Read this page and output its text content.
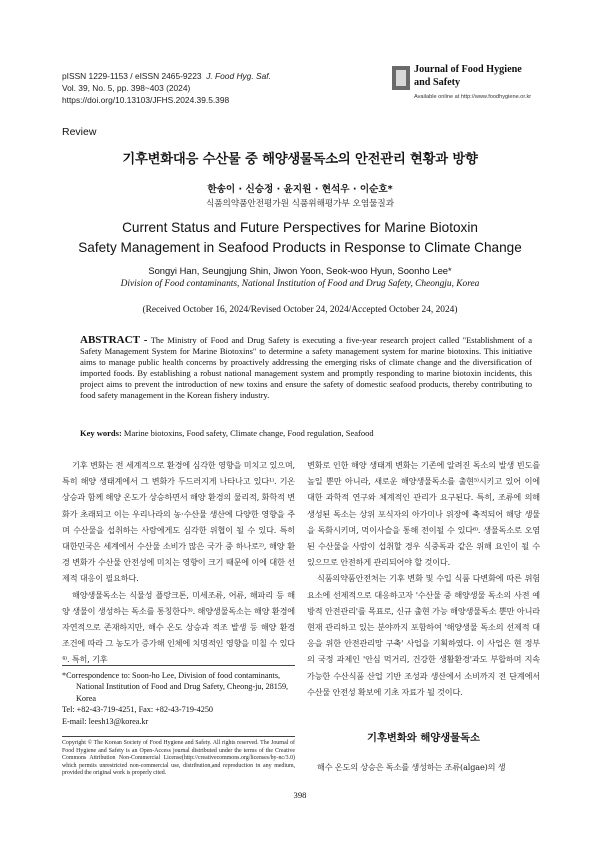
pISSN 1229-1153 / eISSN 2465-9223 J. Food Hyg. Saf.
Vol. 39, No. 5, pp. 398~403 (2024)
https://doi.org/10.13103/JFHS.2024.39.5.398
Journal of Food Hygiene
and Safety
Available online at http://www.foodhygiene.or.kr
Review
기후변화대응 수산물 중 해양생물독소의 안전관리 현황과 방향
한송이 · 신승정 · 윤지원 · 현석우 · 이순호*
식품의약품안전평가원 식품위해평가부 오염물질과
Current Status and Future Perspectives for Marine Biotoxin
Safety Management in Seafood Products in Response to Climate Change
Songyi Han, Seungjung Shin, Jiwon Yoon, Seok-woo Hyun, Soonho Lee*
Division of Food contaminants, National Institution of Food and Drug Safety, Cheongju, Korea
(Received October 16, 2024/Revised October 24, 2024/Accepted October 24, 2024)
ABSTRACT - The Ministry of Food and Drug Safety is executing a five-year research project called "Establishment of a Safety Management System for Marine Biotoxins" to determine a safety management system for marine biotoxins. This initiative aims to manage public health concerns by proactively addressing the emerging risks of climate change and the diversification of imported foods. By establishing a robust national management system and promptly responding to marine biotoxin incidents, this project aims to prevent the introduction of new toxins and ensure the safety of domestic seafood products, thereby contributing to food safety management in the Korean fishery industry.
Key words: Marine biotoxins, Food safety, Climate change, Food regulation, Seafood

기후 변화는 전 세계적으로 환경에 심각한 영향을 미치고 있으며, 특히 해양 생태계에서 그 변화가 두드러지게 나타나고 있다¹⁾. 기온 상승과 함께 해양 온도가 상승하면서 해양 환경의 물리적, 화학적 변화가 초래되고 이는 우리나라의 농·수산물 생산에 다양한 영향을 주며 수산물을 섭취하는 사람에게도 심각한 위협이 될 수 있다. 특히 대한민국은 세계에서 수산물 소비가 많은 국가 중 하나로²⁾, 해양 환경 변화가 수산물 안전성에 미치는 영향이 크기 때문에 이에 대한 선제적 대응이 필요하다.

해양생물독소는 식물성 플랑크톤, 미세조류, 어류, 해파리 등 해양 생물이 생성하는 독소를 통칭한다³⁾. 해양생물독소는 해양 환경에 자연적으로 존재하지만, 해수 온도 상승과 적조 발생 등 해양 환경 조건에 따라 그 농도가 증가해 인체에 치명적인 영향을 미칠 수 있다⁴⁾. 특히, 기후

변화로 인한 해양 생태계 변화는 기존에 알려진 독소의 발생 빈도를 높일 뿐만 아니라, 새로운 해양생물독소를 출현⁵⁾시키고 있어 이에 대한 과학적 연구와 체계적인 관리가 요구된다. 특히, 조류에 의해 생성된 독소는 상위 포식자의 아가미나 위장에 축적되어 해당 생물을 독화시키며, 먹이사슬을 통해 전이될 수 있다⁶⁾. 생물독소로 오염된 수산물을 사람이 섭취할 경우 식중독과 같은 위해 요인이 될 수 있으므로 안전하게 관리되어야 할 것이다.

식품의약품안전처는 기후 변화 및 수입 식품 다변화에 따른 위험 요소에 선제적으로 대응하고자 '수산물 중 해양생물 독소의 사전 예방적 안전관리'를 목표로, 신규 출현 가능 해양생물독소 뿐만 아니라 현재 관리하고 있는 분야까지 포함하여 '해양생물 독소의 선제적 대응을 위한 안전관리망 구축' 사업을 기획하였다. 이 사업은 현 정부의 국정 과제인 '안심 먹거리, 건강한 생활환경'과도 부합하며 지속 가능한 수산식품 산업 기반 조성과 생산에서 소비까지 전 단계에서 수산물 안전성 확보에 기초 자료가 될 것이다.

*Correspondence to: Soon-ho Lee, Division of food contaminants,
National Institution of Food and Drug Safety, Cheong-ju, 28159,
Korea
Tel: +82-43-719-4251, Fax: +82-43-719-4250
E-mail: leesh13@korea.kr
Copyright © The Korean Society of Food Hygiene and Safety. All rights reserved. The Journal of Food Hygiene and Safety is an Open-Access journal distributed under the terms of the Creative Commons Attribution Non-Commercial License(http://creativecommons.org/licenses/by-nc/3.0) which permits unrestricted non-commercial use, distribution,and reproduction in any medium, provided the original work is properly cited.
기후변화와 해양생물독소
해수 온도의 상승은 독소를 생성하는 조류(algae)의 생
398
